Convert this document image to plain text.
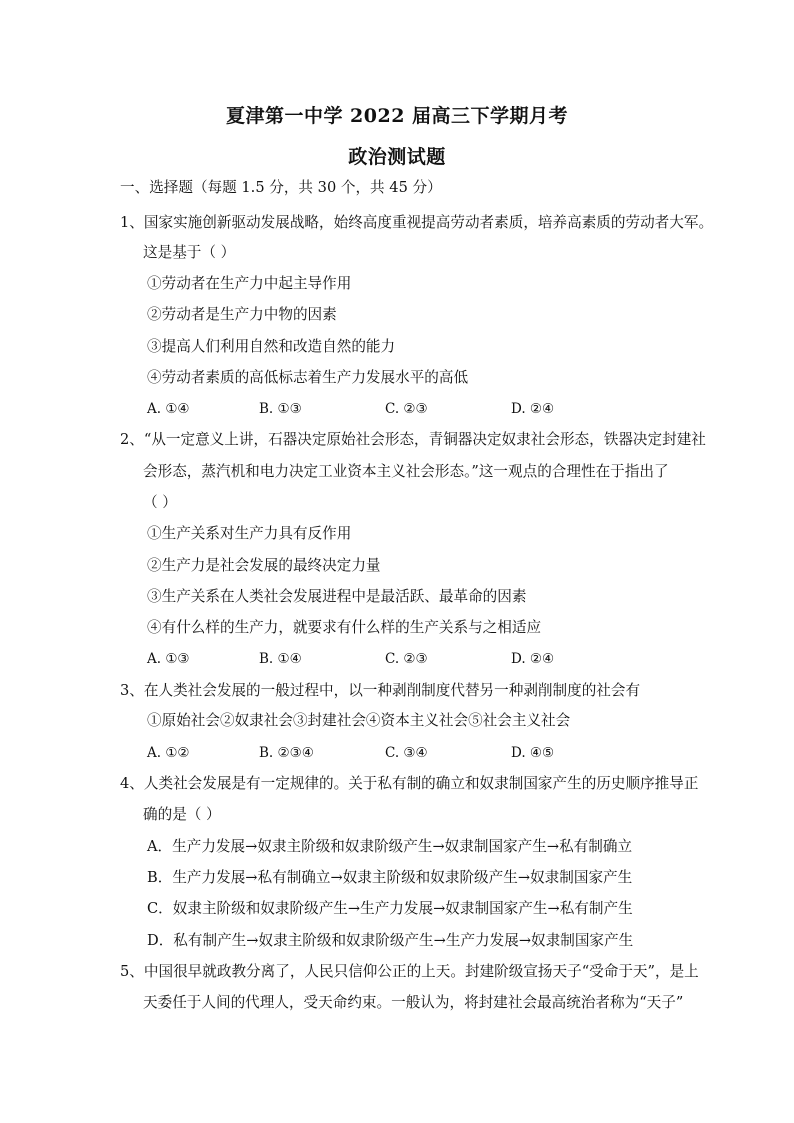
夏津第一中学 2022 届高三下学期月考
政治测试题
一、选择题（每题 1.5 分，共 30 个，共 45 分）
1、国家实施创新驱动发展战略，始终高度重视提高劳动者素质，培养高素质的劳动者大军。
这是基于（ ）
①劳动者在生产力中起主导作用
②劳动者是生产力中物的因素
③提高人们利用自然和改造自然的能力
④劳动者素质的高低标志着生产力发展水平的高低
A. ①④	B. ①③	C. ②③	D. ②④
2、“从一定意义上讲，石器决定原始社会形态，青铜器决定奴隶社会形态，铁器决定封建社
会形态，蒸汽机和电力决定工业资本主义社会形态。”这一观点的合理性在于指出了
（ ）
①生产关系对生产力具有反作用
②生产力是社会发展的最终决定力量
③生产关系在人类社会发展进程中是最活跃、最革命的因素
④有什么样的生产力，就要求有什么样的生产关系与之相适应
A. ①③	B. ①④	C. ②③	D. ②④
3、在人类社会发展的一般过程中，以一种剥削制度代替另一种剥削制度的社会有
①原始社会②奴隶社会③封建社会④资本主义社会⑤社会主义社会
A. ①②	B. ②③④	C. ③④	D. ④⑤
4、人类社会发展是有一定规律的。关于私有制的确立和奴隶制国家产生的历史顺序推导正
确的是（ ）
A．生产力发展→奴隶主阶级和奴隶阶级产生→奴隶制国家产生→私有制确立
B．生产力发展→私有制确立→奴隶主阶级和奴隶阶级产生→奴隶制国家产生
C．奴隶主阶级和奴隶阶级产生→生产力发展→奴隶制国家产生→私有制产生
D．私有制产生→奴隶主阶级和奴隶阶级产生→生产力发展→奴隶制国家产生
5、中国很早就政教分离了，人民只信仰公正的上天。封建阶级宣扬天子“受命于天”，是上
天委任于人间的代理人，受天命约束。一般认为，将封建社会最高统治者称为“天子”
